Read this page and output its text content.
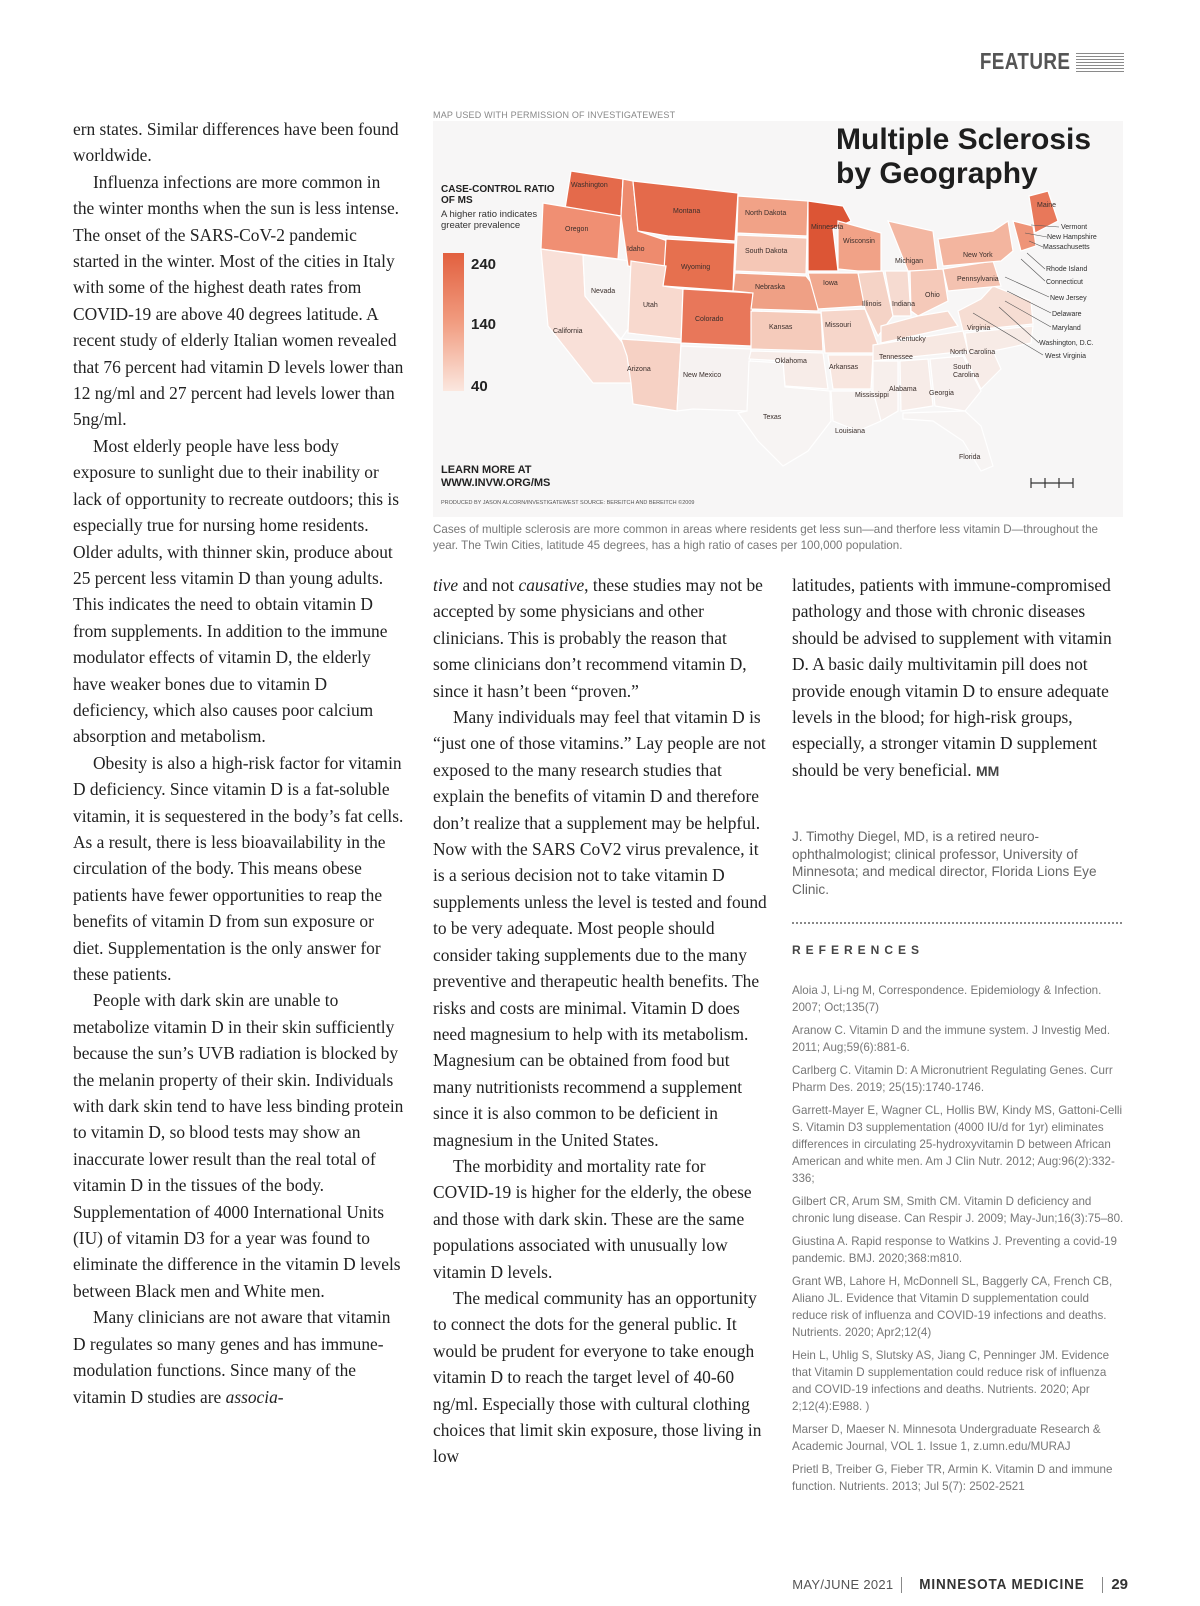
FEATURE

ern states. Similar differences have been found worldwide.

Influenza infections are more common in the winter months when the sun is less intense. The onset of the SARS-CoV-2 pandemic started in the winter. Most of the cities in Italy with some of the highest death rates from COVID-19 are above 40 degrees latitude. A recent study of elderly Italian women revealed that 76 percent had vitamin D levels lower than 12 ng/ml and 27 percent had levels lower than 5ng/ml.

Most elderly people have less body exposure to sunlight due to their inability or lack of opportunity to recreate outdoors; this is especially true for nursing home residents. Older adults, with thinner skin, produce about 25 percent less vitamin D than young adults. This indicates the need to obtain vitamin D from supplements. In addition to the immune modulator effects of vitamin D, the elderly have weaker bones due to vitamin D deficiency, which also causes poor calcium absorption and metabolism.

Obesity is also a high-risk factor for vitamin D deficiency. Since vitamin D is a fat-soluble vitamin, it is sequestered in the body’s fat cells. As a result, there is less bioavailability in the circulation of the body. This means obese patients have fewer opportunities to reap the benefits of vitamin D from sun exposure or diet. Supplementation is the only answer for these patients.

People with dark skin are unable to metabolize vitamin D in their skin sufficiently because the sun’s UVB radiation is blocked by the melanin property of their skin. Individuals with dark skin tend to have less binding protein to vitamin D, so blood tests may show an inaccurate lower result than the real total of vitamin D in the tissues of the body. Supplementation of 4000 International Units (IU) of vitamin D3 for a year was found to eliminate the difference in the vitamin D levels between Black men and White men.

Many clinicians are not aware that vitamin D regulates so many genes and has immune-modulation functions. Since many of the vitamin D studies are associa-

MAP USED WITH PERMISSION OF INVESTIGATEWEST
Multiple Sclerosis
by Geography
CASE-CONTROL RATIO
OF MS
A higher ratio indicates
greater prevalence
240
140
40
LEARN MORE AT
WWW.INVW.ORG/MS
PRODUCED BY JASON ALCORN/INVESTIGATEWEST SOURCE: BEREITCH AND BEREITCH ©2009
Washington
Oregon
California
Nevada
Idaho
Montana
Wyoming
Utah
Arizona
Colorado
New Mexico
North Dakota
South Dakota
Nebraska
Kansas
Oklahoma
Texas
Minnesota
Iowa
Missouri
Arkansas
Louisiana
Wisconsin
Illinois
Michigan
Indiana
Ohio
Kentucky
Tennessee
Mississippi
Alabama
Georgia
Florida
South
Carolina
North Carolina
Virginia
Pennsylvania
New York
Maine
Vermont
New Hampshire
Massachusetts
Rhode Island
Connecticut
New Jersey
Delaware
Maryland
Washington, D.C.
West Virginia
Cases of multiple sclerosis are more common in areas where residents get less sun—and therfore less vitamin D—throughout the year. The Twin Cities, latitude 45 degrees, has a high ratio of cases per 100,000 population.

tive and not causative, these studies may not be accepted by some physicians and other clinicians. This is probably the reason that some clinicians don’t recommend vitamin D, since it hasn’t been “proven.”

Many individuals may feel that vitamin D is “just one of those vitamins.” Lay people are not exposed to the many research studies that explain the benefits of vitamin D and therefore don’t realize that a supplement may be helpful. Now with the SARS CoV2 virus prevalence, it is a serious decision not to take vitamin D supplements unless the level is tested and found to be very adequate. Most people should consider taking supplements due to the many preventive and therapeutic health benefits. The risks and costs are minimal. Vitamin D does need magnesium to help with its metabolism. Magnesium can be obtained from food but many nutritionists recommend a supplement since it is also common to be deficient in magnesium in the United States.

The morbidity and mortality rate for COVID-19 is higher for the elderly, the obese and those with dark skin. These are the same populations associated with unusually low vitamin D levels.

The medical community has an opportunity to connect the dots for the general public. It would be prudent for everyone to take enough vitamin D to reach the target level of 40-60 ng/ml. Especially those with cultural clothing choices that limit skin exposure, those living in low

latitudes, patients with immune-compromised pathology and those with chronic diseases should be advised to supplement with vitamin D. A basic daily multivitamin pill does not provide enough vitamin D to ensure adequate levels in the blood; for high-risk groups, especially, a stronger vitamin D supplement should be very beneficial. MM

J. Timothy Diegel, MD, is a retired neuro-ophthalmologist; clinical professor, University of Minnesota; and medical director, Florida Lions Eye Clinic.
REFERENCES

Aloia J, Li-ng M, Correspondence. Epidemiology & Infection. 2007; Oct;135(7)

Aranow C. Vitamin D and the immune system. J Investig Med. 2011; Aug;59(6):881-6.

Carlberg C. Vitamin D: A Micronutrient Regulating Genes. Curr Pharm Des. 2019; 25(15):1740-1746.

Garrett-Mayer E, Wagner CL, Hollis BW, Kindy MS, Gattoni-Celli S. Vitamin D3 supplementation (4000 IU/d for 1yr) eliminates differences in circulating 25-hydroxyvitamin D between African American and white men. Am J Clin Nutr. 2012; Aug:96(2):332-336;

Gilbert CR, Arum SM, Smith CM. Vitamin D deficiency and chronic lung disease. Can Respir J. 2009; May-Jun;16(3):75–80.

Giustina A. Rapid response to Watkins J. Preventing a covid-19 pandemic. BMJ. 2020;368:m810.

Grant WB, Lahore H, McDonnell SL, Baggerly CA, French CB, Aliano JL. Evidence that Vitamin D supplementation could reduce risk of influenza and COVID-19 infections and deaths. Nutrients. 2020; Apr2;12(4)

Hein L, Uhlig S, Slutsky AS, Jiang C, Penninger JM. Evidence that Vitamin D supplementation could reduce risk of influenza and COVID-19 infections and deaths. Nutrients. 2020; Apr 2;12(4):E988. )

Marser D, Maeser N. Minnesota Undergraduate Research & Academic Journal, VOL 1. Issue 1, z.umn.edu/MURAJ

Prietl B, Treiber G, Fieber TR, Armin K. Vitamin D and immune function. Nutrients. 2013; Jul 5(7): 2502-2521

MAY/JUNE 2021 MINNESOTA MEDICINE 29
